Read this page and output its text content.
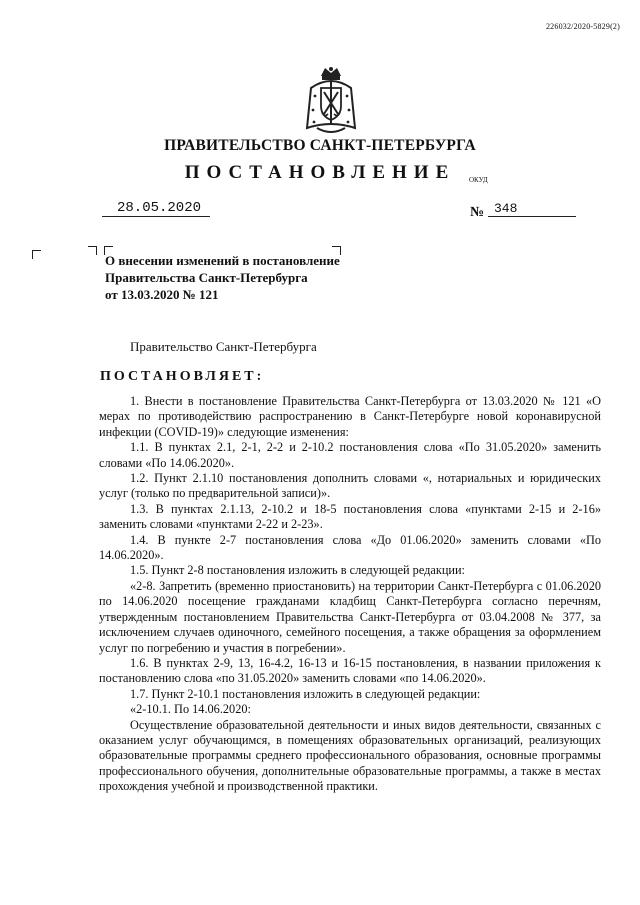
226032/2020-5829(2)
ПРАВИТЕЛЬСТВО САНКТ-ПЕТЕРБУРГА
ПОСТАНОВЛЕНИЕ	ОКУД
28.05.2020	№ 348
О внесении изменений в постановление
Правительства Санкт-Петербурга
от 13.03.2020 № 121
Правительство Санкт-Петербурга
ПОСТАНОВЛЯЕТ:

1. Внести в постановление Правительства Санкт-Петербурга от 13.03.2020 № 121 «О мерах по противодействию распространению в Санкт-Петербурге новой коронавирусной инфекции (COVID-19)» следующие изменения:

1.1. В пунктах 2.1, 2-1, 2-2 и 2-10.2 постановления слова «По 31.05.2020» заменить словами «По 14.06.2020».

1.2. Пункт 2.1.10 постановления дополнить словами «, нотариальных и юридических услуг (только по предварительной записи)».

1.3. В пунктах 2.1.13, 2-10.2 и 18-5 постановления слова «пунктами 2-15 и 2-16» заменить словами «пунктами 2-22 и 2-23».

1.4. В пункте 2-7 постановления слова «До 01.06.2020» заменить словами «По 14.06.2020».

1.5. Пункт 2-8 постановления изложить в следующей редакции:

«2-8. Запретить (временно приостановить) на территории Санкт-Петербурга с 01.06.2020 по 14.06.2020 посещение гражданами кладбищ Санкт-Петербурга согласно перечням, утвержденным постановлением Правительства Санкт-Петербурга от 03.04.2008 № 377, за исключением случаев одиночного, семейного посещения, а также обращения за оформлением услуг по погребению и участия в погребении».

1.6. В пунктах 2-9, 13, 16-4.2, 16-13 и 16-15 постановления, в названии приложения к постановлению слова «по 31.05.2020» заменить словами «по 14.06.2020».

1.7. Пункт 2-10.1 постановления изложить в следующей редакции:

«2-10.1. По 14.06.2020:

Осуществление образовательной деятельности и иных видов деятельности, связанных с оказанием услуг обучающимся, в помещениях образовательных организаций, реализующих образовательные программы среднего профессионального образования, основные программы профессионального обучения, дополнительные образовательные программы, а также в местах прохождения учебной и производственной практики.
